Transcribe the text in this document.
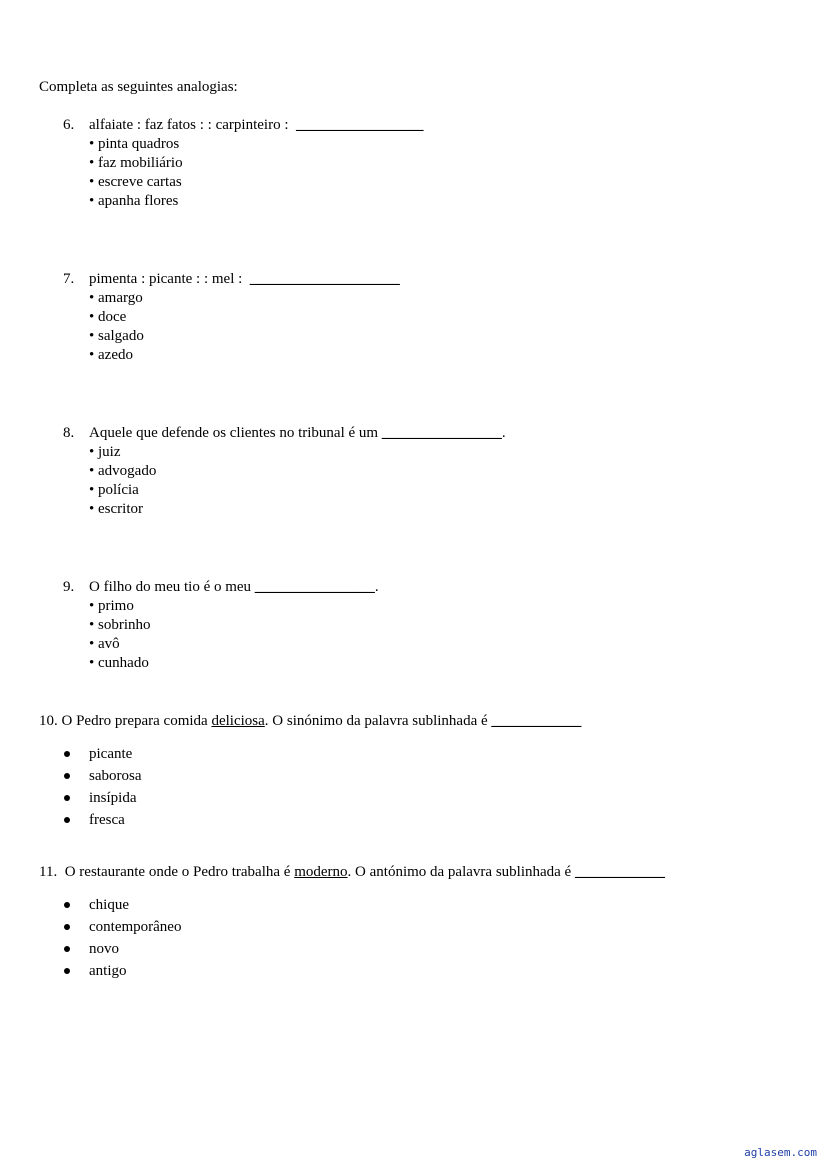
Completa as seguintes analogias:
6. alfaiate : faz fatos : : carpinteiro : _________________
• pinta quadros
• faz mobiliário
• escreve cartas
• apanha flores
7. pimenta : picante : : mel : ____________________
• amargo
• doce
• salgado
• azedo
8. Aquele que defende os clientes no tribunal é um ________________.
• juiz
• advogado
• polícia
• escritor
9. O filho do meu tio é o meu ________________.
• primo
• sobrinho
• avô
• cunhado
10. O Pedro prepara comida deliciosa. O sinónimo da palavra sublinhada é ____________
picante
saborosa
insípida
fresca
11. O restaurante onde o Pedro trabalha é moderno. O antónimo da palavra sublinhada é ____________
chique
contemporâneo
novo
antigo
aglasem.com
